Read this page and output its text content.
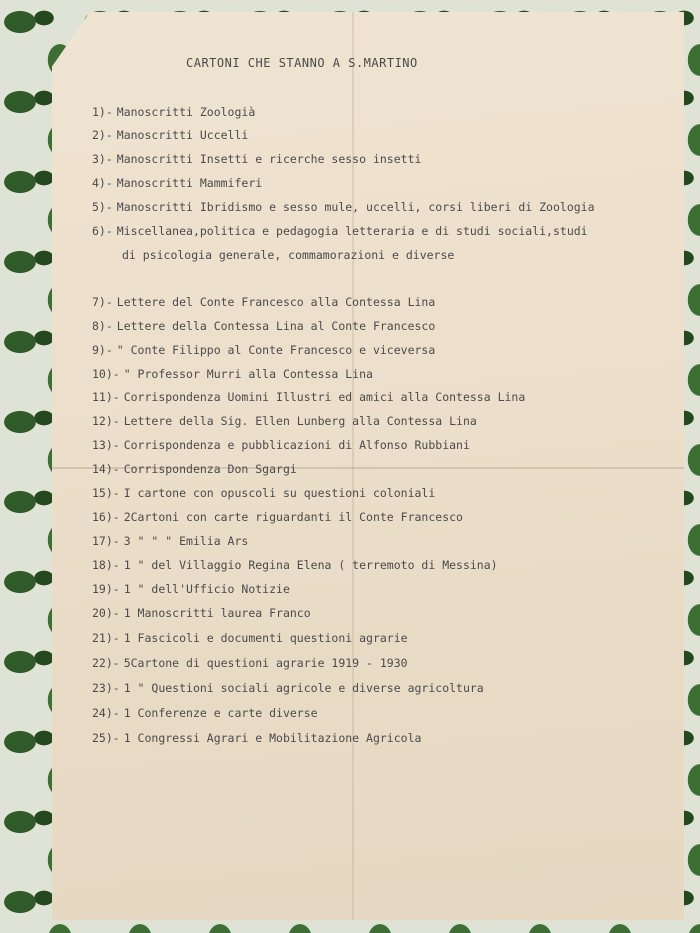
CARTONI CHE STANNO A S.MARTINO
1)- Manoscritti Zoologià
2)- Manoscritti Uccelli
3)- Manoscritti Insetti e ricerche sesso insetti
4)- Manoscritti Mammiferi
5)- Manoscritti Ibridismo e sesso mule, uccelli, corsi liberi di Zoologia
6)- Miscellanea,politica e pedagogia letteraria e di studi sociali,studi
di psicologia generale, commamorazioni e diverse
7)- Lettere del Conte Francesco alla Contessa Lina
8)- Lettere della Contessa Lina al Conte Francesco
9)- " Conte Filippo al Conte Francesco e viceversa
10)- " Professor Murri alla Contessa Lina
11)- Corrispondenza Uomini Illustri ed amici alla Contessa Lina
12)- Lettere della Sig. Ellen Lunberg alla Contessa Lina
13)- Corrispondenza e pubblicazioni di Alfonso Rubbiani
14)- Corrispondenza Don Sgargi
15)- I cartone con opuscoli su questioni coloniali
16)- 2Cartoni con carte riguardanti il Conte Francesco
17)- 3 " " " Emilia Ars
18)- 1 " del Villaggio Regina Elena ( terremoto di Messina)
19)- 1 " dell'Ufficio Notizie
20)- 1 Manoscritti laurea Franco
21)- 1 Fascicoli e documenti questioni agrarie
22)- 5Cartone di questioni agrarie 1919 - 1930
23)- 1 " Questioni sociali agricole e diverse agricoltura
24)- 1 Conferenze e carte diverse
25)- 1 Congressi Agrari e Mobilitazione Agricola
